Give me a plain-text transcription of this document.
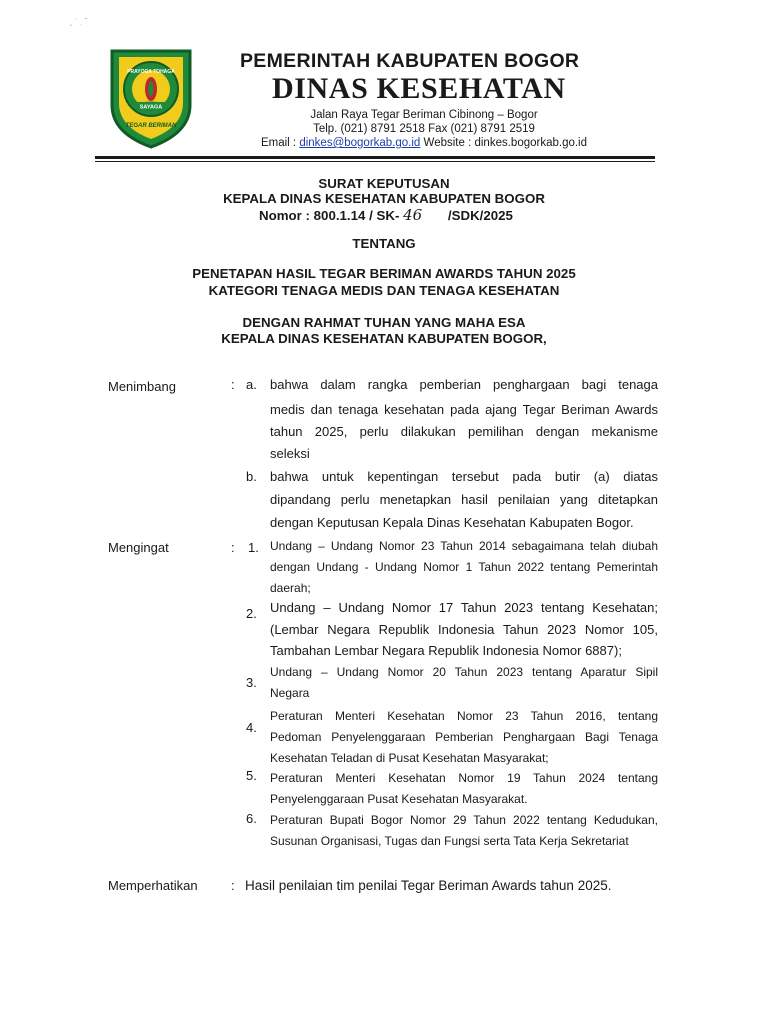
˛ ˈ ˌ ˜
PRAYOGA TOHAGA
SAYAGA
TEGAR BERIMAN
PEMERINTAH KABUPATEN BOGOR
DINAS KESEHATAN
Jalan Raya Tegar Beriman Cibinong – Bogor
Telp. (021) 8791 2518 Fax (021) 8791 2519
Email : dinkes@bogorkab.go.id Website : dinkes.bogorkab.go.id
SURAT KEPUTUSAN
KEPALA DINAS KESEHATAN KABUPATEN BOGOR
Nomor : 800.1.14 / SK- 46 /SDK/2025
TENTANG
PENETAPAN HASIL TEGAR BERIMAN AWARDS TAHUN 2025
KATEGORI TENAGA MEDIS DAN TENAGA KESEHATAN
DENGAN RAHMAT TUHAN YANG MAHA ESA
KEPALA DINAS KESEHATAN KABUPATEN BOGOR,
Menimbang	: a. bahwa dalam rangka pemberian penghargaan bagi tenaga
medis dan tenaga kesehatan pada ajang Tegar Beriman Awards
tahun 2025, perlu dilakukan pemilihan dengan mekanisme
seleksi
b. bahwa untuk kepentingan tersebut pada butir (a) diatas
dipandang perlu menetapkan hasil penilaian yang ditetapkan
dengan Keputusan Kepala Dinas Kesehatan Kabupaten Bogor.
Mengingat	: 1. Undang – Undang Nomor 23 Tahun 2014 sebagaimana telah diubah
dengan Undang - Undang Nomor 1 Tahun 2022 tentang Pemerintah
daerah;
2. Undang – Undang Nomor 17 Tahun 2023 tentang Kesehatan;
(Lembar Negara Republik Indonesia Tahun 2023 Nomor 105,
Tambahan Lembar Negara Republik Indonesia Nomor 6887);
3.
Undang – Undang Nomor 20 Tahun 2023 tentang Aparatur Sipil
Negara
4.
Peraturan Menteri Kesehatan Nomor 23 Tahun 2016, tentang
Pedoman Penyelenggaraan Pemberian Penghargaan Bagi Tenaga
Kesehatan Teladan di Pusat Kesehatan Masyarakat;
5. Peraturan Menteri Kesehatan Nomor 19 Tahun 2024 tentang
Penyelenggaraan Pusat Kesehatan Masyarakat.
6. Peraturan Bupati Bogor Nomor 29 Tahun 2022 tentang Kedudukan,
Susunan Organisasi, Tugas dan Fungsi serta Tata Kerja Sekretariat
Memperhatikan	: Hasil penilaian tim penilai Tegar Beriman Awards tahun 2025.
